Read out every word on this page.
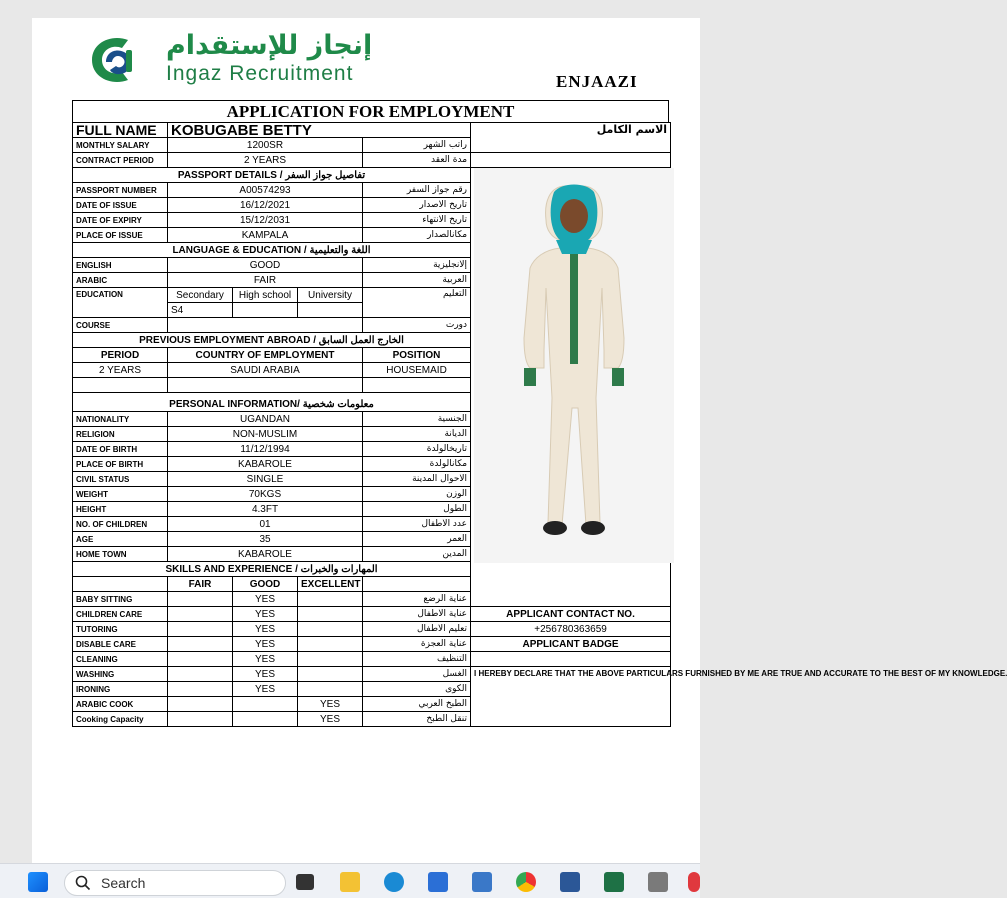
إنجاز للإستقدام
Ingaz Recruitment	ENJAAZI
APPLICATION FOR EMPLOYMENT
FULL NAME	KOBUGABE BETTY				الاسم الكامل	
MONTHLY SALARY	1200SR			راتب الشهر		
CONTRACT PERIOD	2 YEARS			مدة العقد		
PASSPORT DETAILS / تفاصيل جواز السفر	

PASSPORT NUMBER	A00574293			رقم جواز السفر		
DATE OF ISSUE	16/12/2021			تاريخ الاصدار		
DATE OF EXPIRY	15/12/2031			تاريخ الانتهاء		
PLACE OF ISSUE	KAMPALA			مكانالصدار		
LANGUAGE & EDUCATION / اللغة والتعليمية						
ENGLISH	GOOD			إلانجليزية		
ARABIC	FAIR			العربية		
EDUCATION	Secondary	High school	University	التعليم		
	S4					
COURSE				دورت		
PREVIOUS EMPLOYMENT ABROAD / الخارج العمل السابق						
PERIOD	COUNTRY OF EMPLOYMENT			POSITION		
2 YEARS	SAUDI ARABIA			HOUSEMAID		

PERSONAL INFORMATION/ معلومات شخصية						
NATIONALITY	UGANDAN			الجنسية		
RELIGION	NON-MUSLIM			الديانة		
DATE OF BIRTH	11/12/1994			تاريخالولدة		
PLACE OF BIRTH	KABAROLE			مكانالولدة		
CIVIL STATUS	SINGLE			الاحوال المدينة		
WEIGHT	70KGS			الوزن		
HEIGHT	4.3FT			الطول		
NO. OF CHILDREN	01			عدد الاطفال		
AGE	35			العمر		
HOME TOWN	KABAROLE			المدين		
SKILLS AND EXPERIENCE / المهارات والخبرات						
	FAIR	GOOD	EXCELLENT			
BABY SITTING		YES		عناية الرضع	
CHILDREN CARE		YES		عناية الاطفال	APPLICANT CONTACT NO.	
TUTORING		YES		تعليم الاطفال	+256780363659	
DISABLE CARE		YES		عناية العجزة	APPLICANT BADGE	
CLEANING		YES		التنظيف		
WASHING		YES		الغسل	I HEREBY DECLARE THAT THE ABOVE PARTICULARS FURNISHED BY ME ARE TRUE AND ACCURATE TO THE BEST OF MY KNOWLEDGE.	
IRONING		YES		الكوى		
ARABIC COOK			YES	الطبخ العربي		
Cooking Capacity			YES	تنقل الطبخ		
Search
